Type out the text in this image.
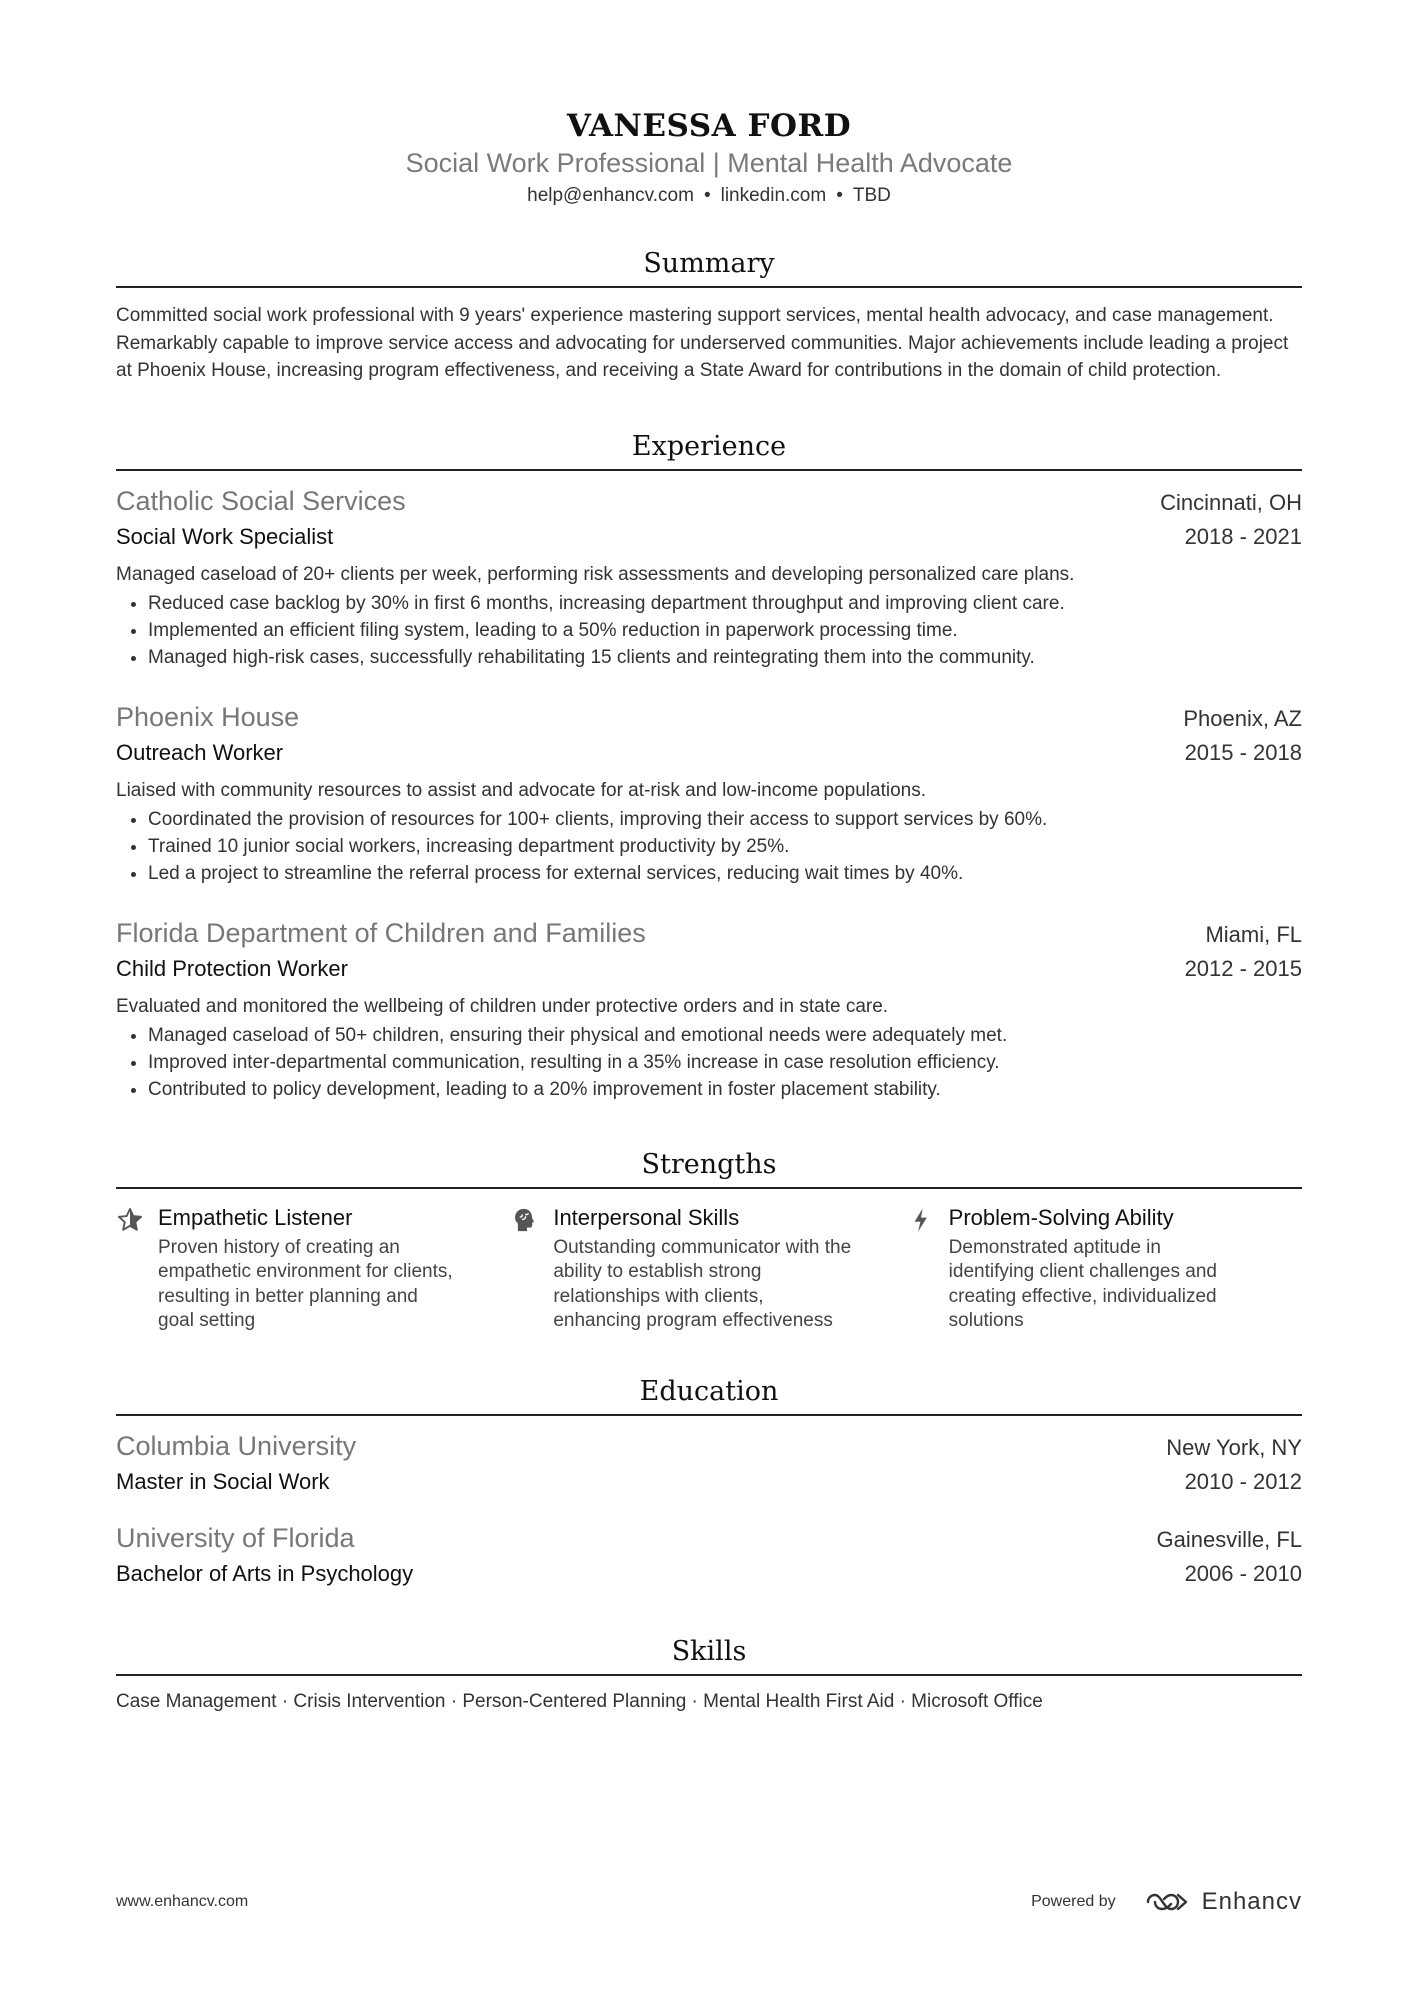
VANESSA FORD
Social Work Professional | Mental Health Advocate
help@enhancv.com • linkedin.com • TBD
Summary
Committed social work professional with 9 years' experience mastering support services, mental health advocacy, and case management. Remarkably capable to improve service access and advocating for underserved communities. Major achievements include leading a project at Phoenix House, increasing program effectiveness, and receiving a State Award for contributions in the domain of child protection.
Experience
Catholic Social Services	Cincinnati, OH
Social Work Specialist	2018 - 2021
Managed caseload of 20+ clients per week, performing risk assessments and developing personalized care plans.
• Reduced case backlog by 30% in first 6 months, increasing department throughput and improving client care.
• Implemented an efficient filing system, leading to a 50% reduction in paperwork processing time.
• Managed high-risk cases, successfully rehabilitating 15 clients and reintegrating them into the community.
Phoenix House	Phoenix, AZ
Outreach Worker	2015 - 2018
Liaised with community resources to assist and advocate for at-risk and low-income populations.
• Coordinated the provision of resources for 100+ clients, improving their access to support services by 60%.
• Trained 10 junior social workers, increasing department productivity by 25%.
• Led a project to streamline the referral process for external services, reducing wait times by 40%.
Florida Department of Children and Families	Miami, FL
Child Protection Worker	2012 - 2015
Evaluated and monitored the wellbeing of children under protective orders and in state care.
• Managed caseload of 50+ children, ensuring their physical and emotional needs were adequately met.
• Improved inter-departmental communication, resulting in a 35% increase in case resolution efficiency.
• Contributed to policy development, leading to a 20% improvement in foster placement stability.
Strengths
Empathetic Listener
Proven history of creating an empathetic environment for clients, resulting in better planning and goal setting
Interpersonal Skills
Outstanding communicator with the ability to establish strong relationships with clients, enhancing program effectiveness
Problem-Solving Ability
Demonstrated aptitude in identifying client challenges and creating effective, individualized solutions
Education
Columbia University	New York, NY
Master in Social Work	2010 - 2012
University of Florida	Gainesville, FL
Bachelor of Arts in Psychology	2006 - 2010
Skills
Case Management · Crisis Intervention · Person-Centered Planning · Mental Health First Aid · Microsoft Office
www.enhancv.com	Powered by	Enhancv
